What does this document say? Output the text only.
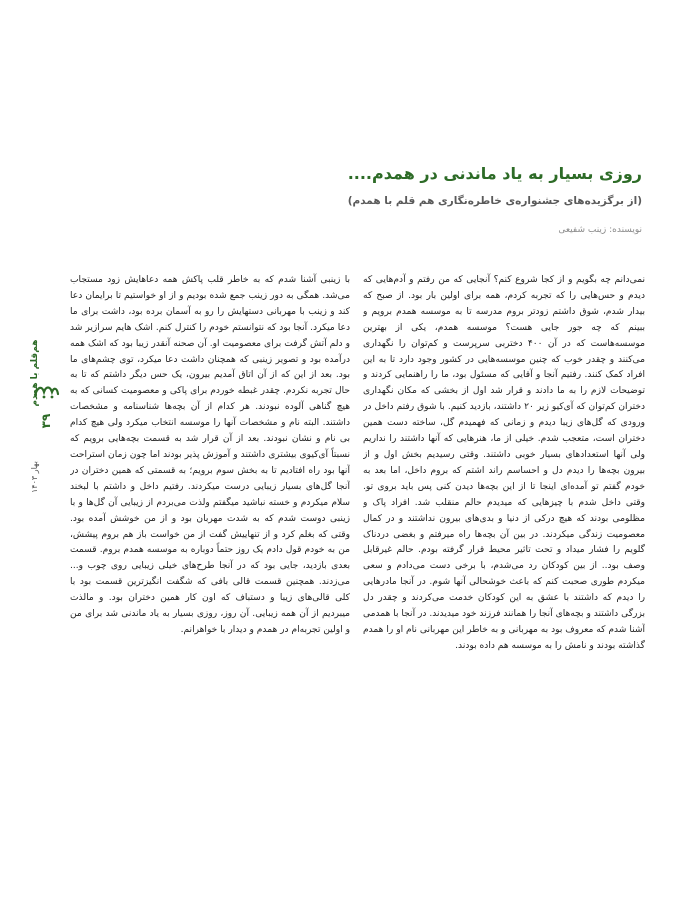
روزی بسیار به یاد ماندنی در همدم....
(از برگزیده‌های جشنواره‌ی خاطره‌نگاری هم قلم با همدم)
نویسنده: زینب شفیعی

نمی‌دانم چه بگویم و از کجا شروع کنم؟ آنجایی که من رفتم و آدم‌هایی که دیدم و حس‌هایی را که تجربه کردم، همه برای اولین بار بود. از صبح که بیدار شدم، شوق داشتم زودتر بروم مدرسه تا به موسسه همدم برویم و ببینم که چه جور جایی هست؟ موسسه همدم، یکی از بهترین موسسه‌هاست که در آن ۴۰۰ دختربی سرپرست و کم‌توان را نگهداری می‌کنند و چقدر خوب که چنین موسسه‌هایی در کشور وجود دارد تا به این افراد کمک کنند. رفتیم آنجا و آقایی که مسئول بود، ما را راهنمایی کردند و توضیحات لازم را به ما دادند و قرار شد اول از بخشی که مکان نگهداری دختران کم‌توان که آی‌کیو زیر ۲۰ داشتند، بازدید کنیم. با شوق رفتم داخل در ورودی که گل‌های زیبا دیدم و زمانی که فهمیدم گل، ساخته دست همین دختران است، متعجب شدم. خیلی از ما، هنرهایی که آنها داشتند را نداریم ولی آنها استعدادهای بسیار خوبی داشتند. وقتی رسیدیم بخش اول و از بیرون بچه‌ها را دیدم دل و احساسم راند اشتم که بروم داخل، اما بعد به خودم گفتم تو آمده‌ای اینجا تا از این بچه‌ها دیدن کنی پس باید بروی تو. وقتی داخل شدم با چیزهایی که میدیدم حالم منقلب شد. افراد پاک و مظلومی بودند که هیچ درکی از دنیا و بدی‌های بیرون نداشتند و در کمال معصومیت زندگی میکردند. در بین آن بچه‌ها راه میرفتم و بغضی دردناک گلویم را فشار میداد و تحت تاثیر محیط قرار گرفته بودم. حالم غیرقابل وصف بود.. از بین کودکان رد می‌شدم، با برخی دست می‌دادم و سعی میکردم طوری صحبت کنم که باعث خوشحالی آنها شوم. در آنجا مادرهایی را دیدم که داشتند با عشق به این کودکان خدمت می‌کردند و چقدر دل بزرگی داشتند و بچه‌های آنجا را همانند فرزند خود میدیدند. در آنجا با همدمی آشنا شدم که معروف بود به مهربانی و به خاطر این مهربانی نام او را همدم گذاشته بودند و نامش را به موسسه هم داده بودند.

با زینبی آشنا شدم که به خاطر قلب پاکش همه دعاهایش زود مستجاب می‌شد. همگی به دور زینب جمع شده بودیم و از او خواستیم تا برایمان دعا کند و زینب با مهربانی دستهایش را رو به آسمان برده بود، داشت برای ما دعا میکرد. آنجا بود که نتوانستم خودم را کنترل کنم. اشک هایم سرازیر شد و دلم آتش گرفت برای معصومیت او. آن صحنه آنقدر زیبا بود که اشک همه درآمده بود و تصویر زینبی که همچنان داشت دعا میکرد، توی چشم‌های ما بود. بعد از این که از آن اتاق آمدیم بیرون، یک حس دیگر داشتم که تا به حال تجربه نکردم. چقدر غبطه خوردم برای پاکی و معصومیت کسانی که به هیچ گناهی آلوده نبودند. هر کدام از آن بچه‌ها شناسنامه و مشخصات داشتند. البته نام و مشخصات آنها را موسسه انتخاب میکرد ولی هیچ کدام بی نام و نشان نبودند. بعد از آن قرار شد به قسمت بچه‌هایی برویم که نسبتاً آی‌کیوی بیشتری داشتند و آموزش پذیر بودند اما چون زمان استراحت آنها بود راه افتادیم تا به بخش سوم برویم؛ به قسمتی که همین دختران در آنجا گل‌های بسیار زیبایی درست میکردند. رفتیم داخل و داشتم با لبخند سلام میکردم و خسته نباشید میگفتم ولذت می‌بردم از زیبایی آن گل‌ها و با زینبی دوست شدم که به شدت مهربان بود و از من خوشش آمده بود. وقتی که بغلم کرد و از تنهاییش گفت از من خواست باز هم بروم پیشش، من به خودم قول دادم یک روز حتماً دوباره به موسسه همدم بروم. قسمت بعدی بازدید، جایی بود که در آنجا طرح‌های خیلی زیبایی روی چوب و... می‌زدند. همچنین قسمت قالی بافی که شگفت انگیزترین قسمت بود با کلی قالی‌های زیبا و دستباف که اون کار همین دختران بود. و مالذت میبردیم از آن همه زیبایی. آن روز، روزی بسیار به یاد ماندنی شد برای من و اولین تجربه‌ام در همدم و دیدار با خواهرانم.

هم‌قلم با همدم
۳۹
بهار ۱۴۰۳
